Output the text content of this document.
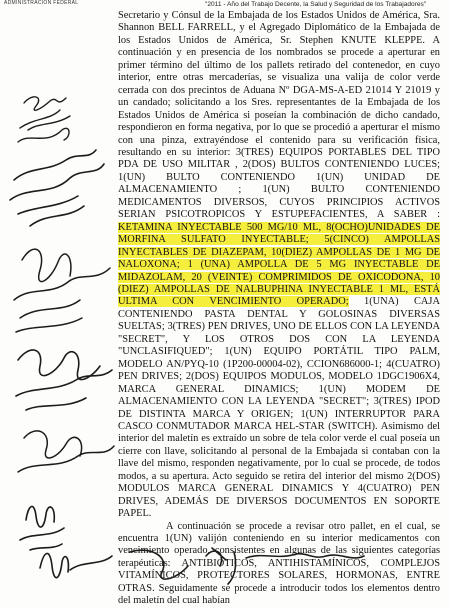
ADMINISTRACION FEDERAL	"2011 - Año del Trabajo Decente, la Salud y Seguridad de los Trabajadores"

Secretario y Cónsul de la Embajada de los Estados Unidos de América, Sra. Shannon BELL FARRELL, y el Agregado Diplomático de la Embajada de los Estados Unidos de América, Sr. Stephen KNUTE KLEPPE. A continuación y en presencia de los nombrados se procede a aperturar en primer término del último de los pallets retirado del contenedor, en cuyo interior, entre otras mercaderías, se visualiza una valija de color verde cerrada con dos precintos de Aduana Nº DGA-MS-A-ED 21014 Y 21019 y un candado; solicitando a los Sres. representantes de la Embajada de los Estados Unidos de América si poseían la combinación de dicho candado, respondieron en forma negativa, por lo que se procedió a aperturar el mismo con una pinza, extrayéndose el contenido para su verificación física, resultando en su interior: 3(TRES) EQUIPOS PORTABLES DEL TIPO PDA DE USO MILITAR , 2(DOS) BULTOS CONTENIENDO LUCES; 1(UN) BULTO CONTENIENDO 1(UN) UNIDAD DE ALMACENAMIENTO ; 1(UN) BULTO CONTENIENDO MEDICAMENTOS DIVERSOS, CUYOS PRINCIPIOS ACTIVOS SERIAN PSICOTROPICOS Y ESTUPEFACIENTES, A SABER : KETAMINA INYECTABLE 500 MG/10 ML, 8(OCHO)UNIDADES DE MORFINA SULFATO INYECTABLE; 5(CINCO) AMPOLLAS INYECTABLES DE DIAZEPAM, 10(DIEZ) AMPOLLAS DE 1 MG DE NALOXONA; 1 (UNA) AMPOLLA DE 5 MG INYECTABLE DE MIDAZOLAM, 20 (VEINTE) COMPRIMIDOS DE OXICODONA, 10 (DIEZ) AMPOLLAS DE NALBUPHINA INYECTABLE 1 ML, ESTÁ ULTIMA CON VENCIMIENTO OPERADO; 1(UNA) CAJA CONTENIENDO PASTA DENTAL Y GOLOSINAS DIVERSAS SUELTAS; 3(TRES) PEN DRIVES, UNO DE ELLOS CON LA LEYENDA "SECRET", Y LOS OTROS DOS CON LA LEYENDA "UNCLASIFIQUED"; 1(UN) EQUIPO PORTÁTIL TIPO PALM, MODELO AN/PYQ-10 (1P200-00004-02), CCION686000-1; 4(CUATRO) PEN DRIVES; 2(DOS) EQUIPOS MODULOS, MODELO 1DGC1906X4, MARCA GENERAL DINAMICS; 1(UN) MODEM DE ALMACENAMIENTO CON LA LEYENDA "SECRET"; 3(TRES) IPOD DE DISTINTA MARCA Y ORIGEN; 1(UN) INTERRUPTOR PARA CASCO CONMUTADOR MARCA HEL-STAR (SWITCH). Asimismo del interior del maletín es extraído un sobre de tela color verde el cual poseía un cierre con llave, solicitando al personal de la Embajada si contaban con la llave del mismo, responden negativamente, por lo cual se procede, de todos modos, a su apertura. Acto seguido se retira del interior del mismo 2(DOS) MODULOS MARCA GENERAL DINAMICS Y 4(CUATRO) PEN DRIVES, ADEMÁS DE DIVERSOS DOCUMENTOS EN SOPORTE PAPEL.

A continuación se procede a revisar otro pallet, en el cual, se encuentra 1(UN) valijón conteniendo en su interior medicamentos con vencimiento operado, consistentes en algunas de las siguientes categorías terapéuticas: ANTIBIÓTICOS, ANTIHISTAMÍNICOS, COMPLEJOS VITAMÍNICOS, PROTECTORES SOLARES, HORMONAS, ENTRE OTRAS. Seguidamente se procede a introducir todos los elementos dentro del maletín del cual habían
